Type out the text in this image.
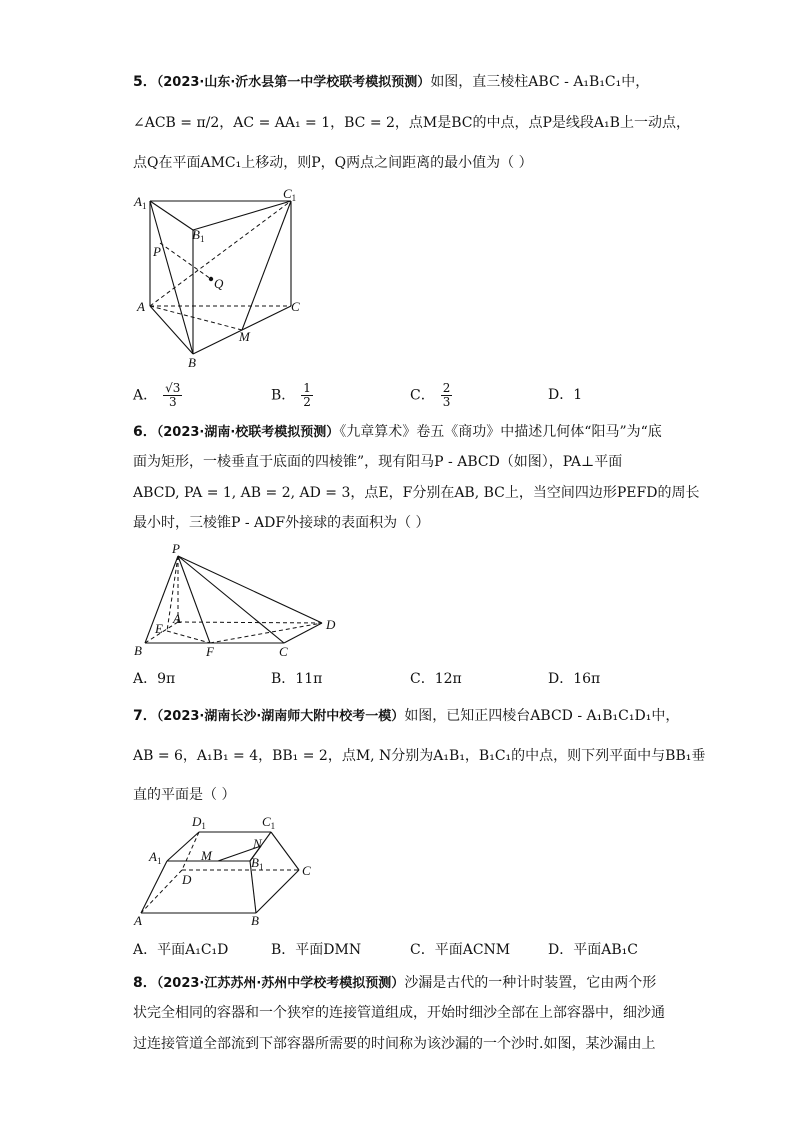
5．（2023·山东·沂水县第一中学校联考模拟预测）如图，直三棱柱ABC - A₁B₁C₁中，
∠ACB = π/2，AC = AA₁ = 1，BC = 2，点M是BC的中点，点P是线段A₁B上一动点，
点Q在平面AMC₁上移动，则P，Q两点之间距离的最小值为（ ）
$A_1$
$C_1$
$B_1$
P
Q
A	C
M
B
A． $\frac{√3}{3}$	B． $\frac{1}{2}$	C． $\frac{2}{3}$	D．1
6．（2023·湖南·校联考模拟预测）《九章算术》卷五《商功》中描述几何体“阳马”为“底
面为矩形，一棱垂直于底面的四棱锥”，现有阳马P - ABCD（如图），PA⊥平面
ABCD, PA = 1, AB = 2, AD = 3，点E，F分别在AB, BC上，当空间四边形PEFD的周长
最小时，三棱锥P - ADF外接球的表面积为（ ）
P
A
E	D
B	F	C
A．9π	B．11π	C．12π	D．16π
7．（2023·湖南长沙·湖南师大附中校考一模）如图，已知正四棱台ABCD - A₁B₁C₁D₁中，
AB = 6，A₁B₁ = 4，BB₁ = 2，点M, N分别为A₁B₁，B₁C₁的中点，则下列平面中与BB₁垂
直的平面是（ ）
$D_1$	$C_1$
$A_1$	M
N
$B_1$
D
C
A	B
A．平面A₁C₁D	B．平面DMN	C．平面ACNM	D．平面AB₁C
8．（2023·江苏苏州·苏州中学校考模拟预测）沙漏是古代的一种计时装置，它由两个形
状完全相同的容器和一个狭窄的连接管道组成，开始时细沙全部在上部容器中，细沙通
过连接管道全部流到下部容器所需要的时间称为该沙漏的一个沙时.如图，某沙漏由上
